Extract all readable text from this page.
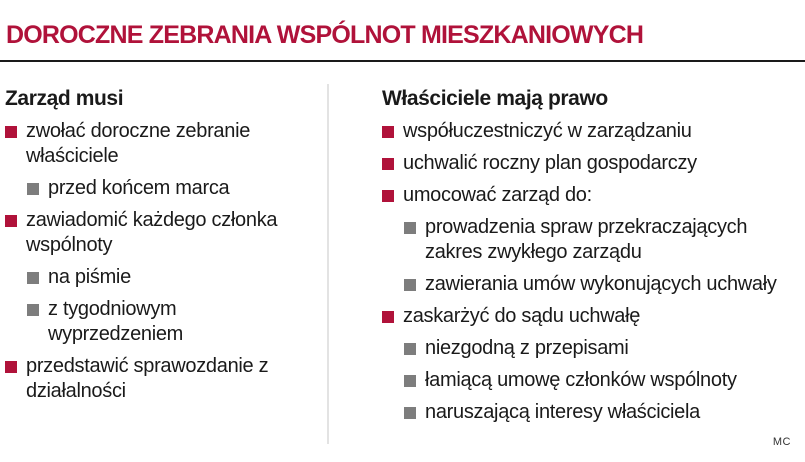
DOROCZNE ZEBRANIA WSPÓLNOT MIESZKANIOWYCH
Zarząd musi
zwołać doroczne zebranie właściciele
przed końcem marca
zawiadomić każdego członka wspólnoty
na piśmie
z tygodniowym wyprzedzeniem
przedstawić sprawozdanie z działalności
Właściciele mają prawo
współuczestniczyć w zarządzaniu
uchwalić roczny plan gospodarczy
umocować zarząd do:
prowadzenia spraw przekraczających zakres zwykłego zarządu
zawierania umów wykonujących uchwały
zaskarżyć do sądu uchwałę
niezgodną z przepisami
łamiącą umowę członków wspólnoty
naruszającą interesy właściciela
MC
